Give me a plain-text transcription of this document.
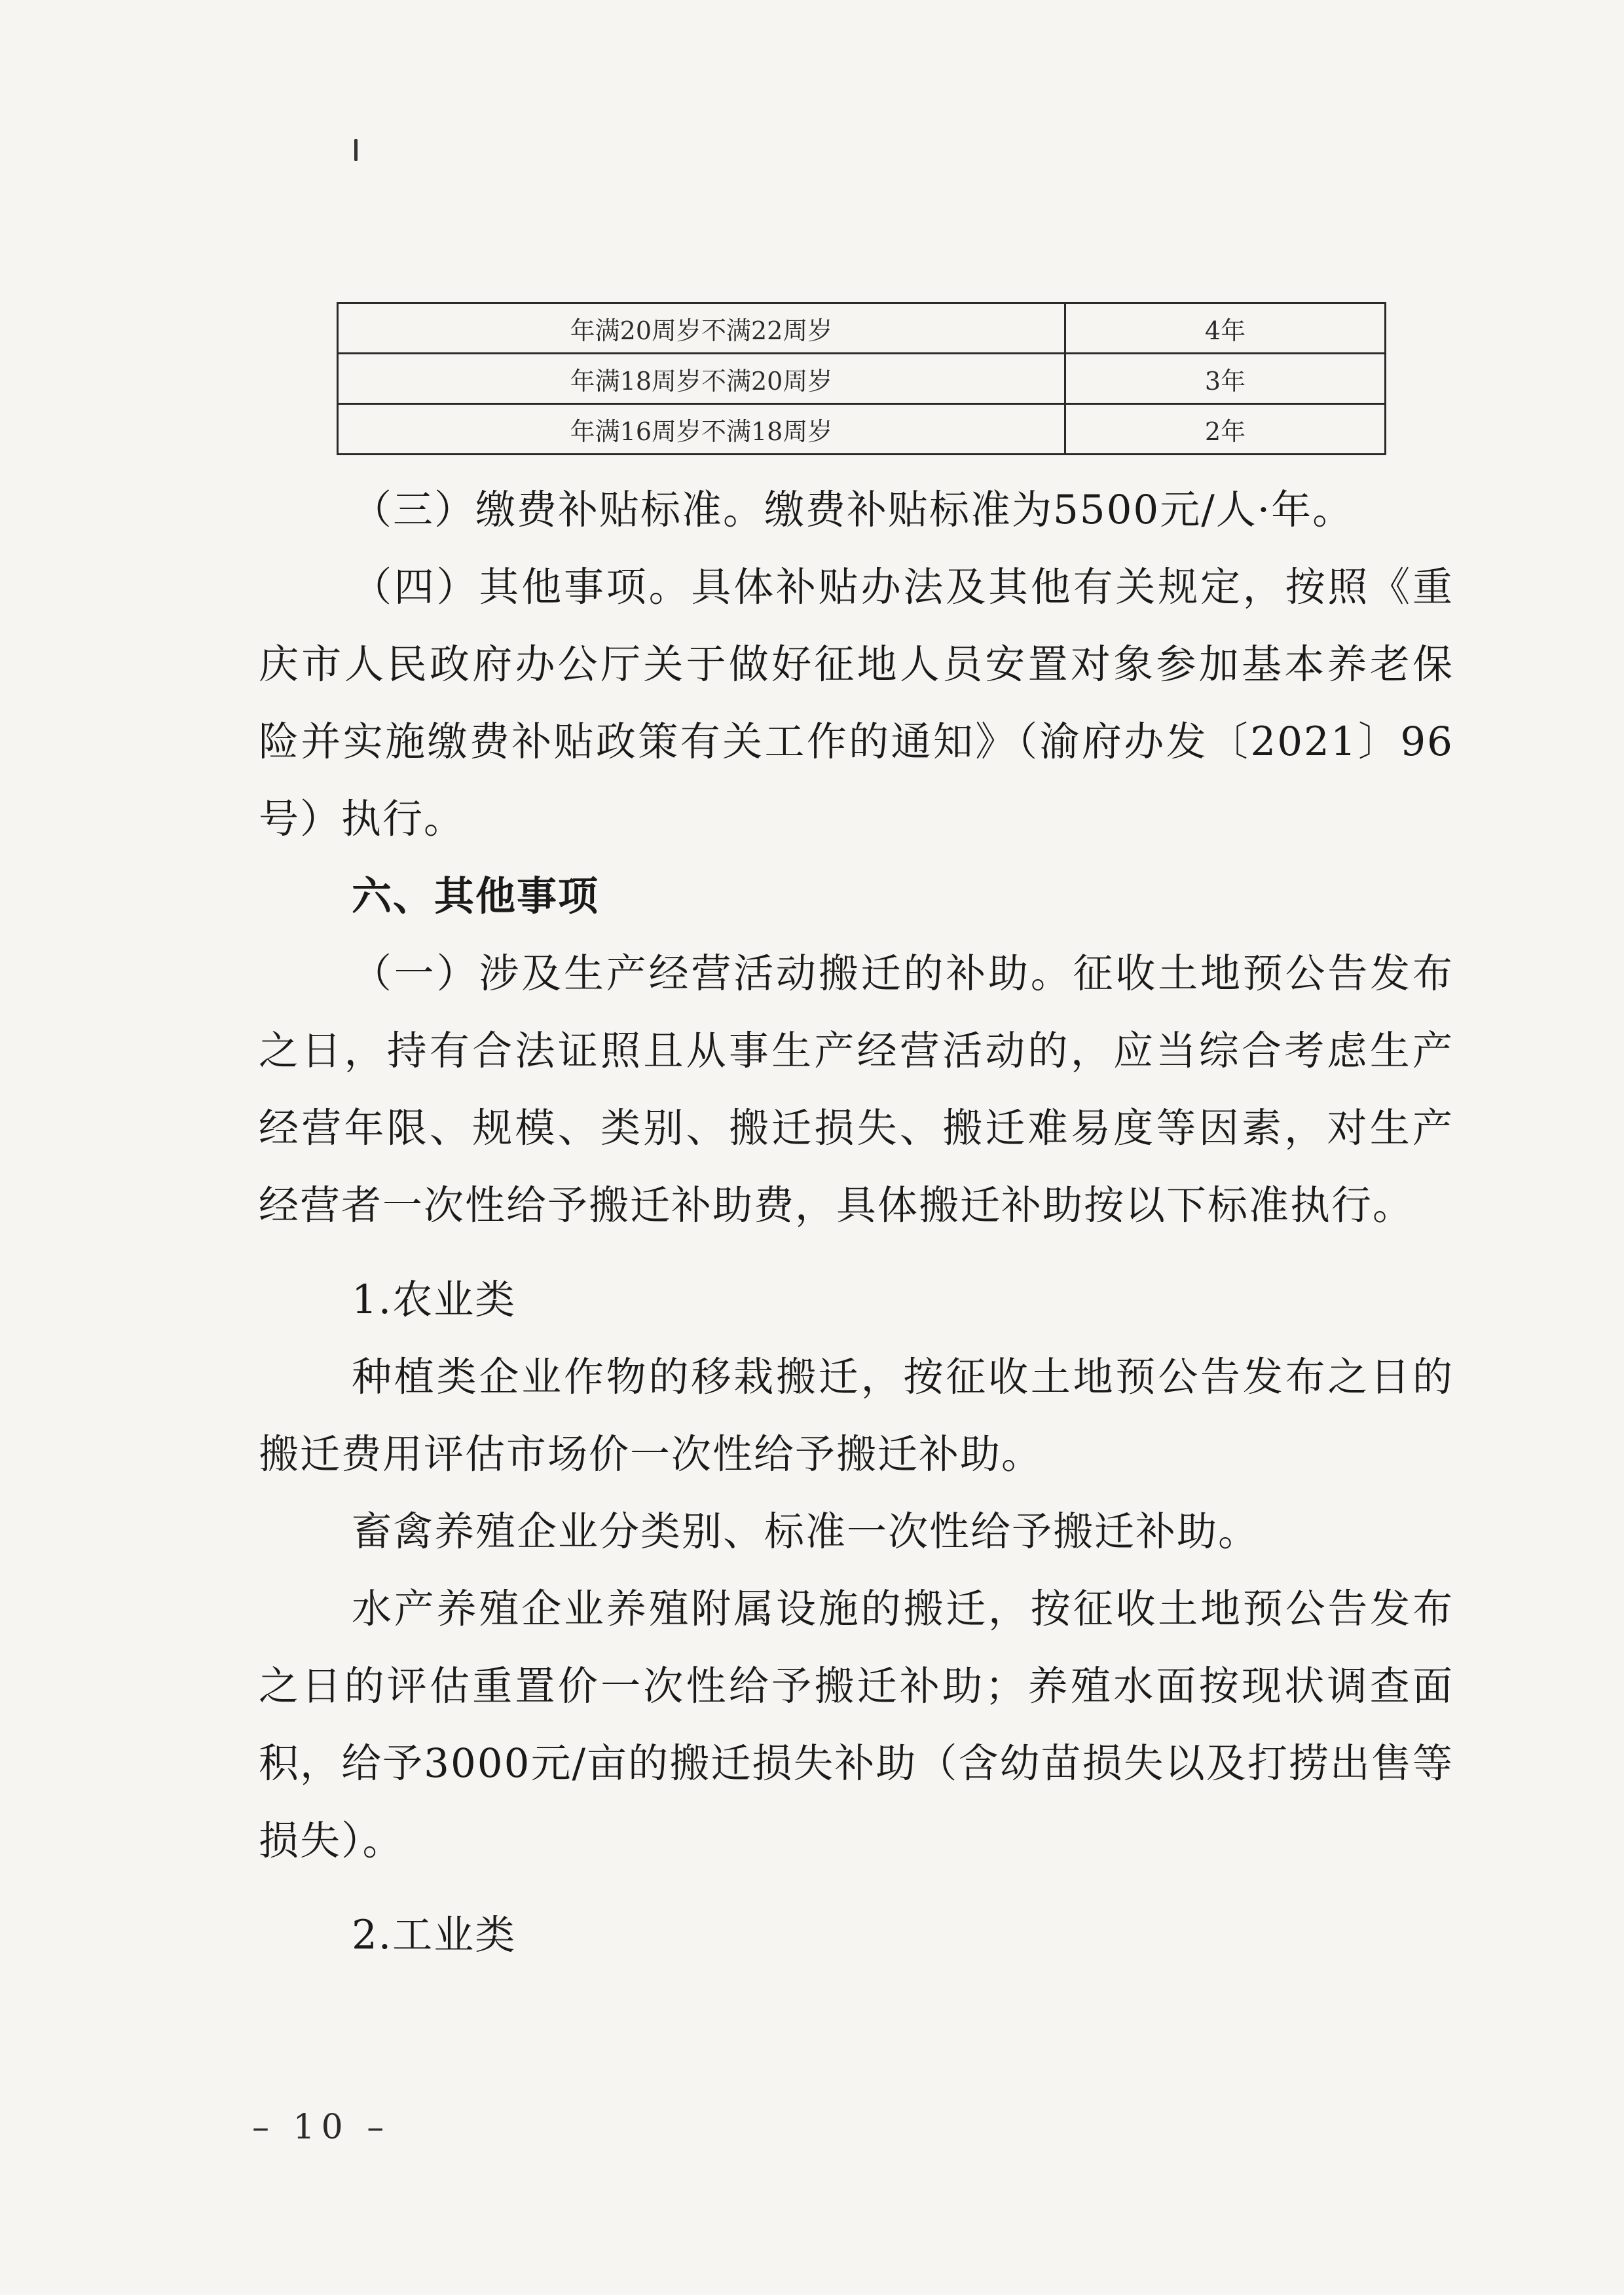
年满20周岁不满22周岁	4年
年满18周岁不满20周岁	3年
年满16周岁不满18周岁	2年

（三）缴费补贴标准。缴费补贴标准为5500元/人·年。

（四）其他事项。具体补贴办法及其他有关规定，按照《重庆市人民政府办公厅关于做好征地人员安置对象参加基本养老保险并实施缴费补贴政策有关工作的通知》（渝府办发〔2021〕96号）执行。

六、其他事项

（一）涉及生产经营活动搬迁的补助。征收土地预公告发布之日，持有合法证照且从事生产经营活动的，应当综合考虑生产经营年限、规模、类别、搬迁损失、搬迁难易度等因素，对生产经营者一次性给予搬迁补助费，具体搬迁补助按以下标准执行。

1.农业类

种植类企业作物的移栽搬迁，按征收土地预公告发布之日的搬迁费用评估市场价一次性给予搬迁补助。

畜禽养殖企业分类别、标准一次性给予搬迁补助。

水产养殖企业养殖附属设施的搬迁，按征收土地预公告发布之日的评估重置价一次性给予搬迁补助；养殖水面按现状调查面积，给予3000元/亩的搬迁损失补助（含幼苗损失以及打捞出售等损失）。

2.工业类

– 10 –
